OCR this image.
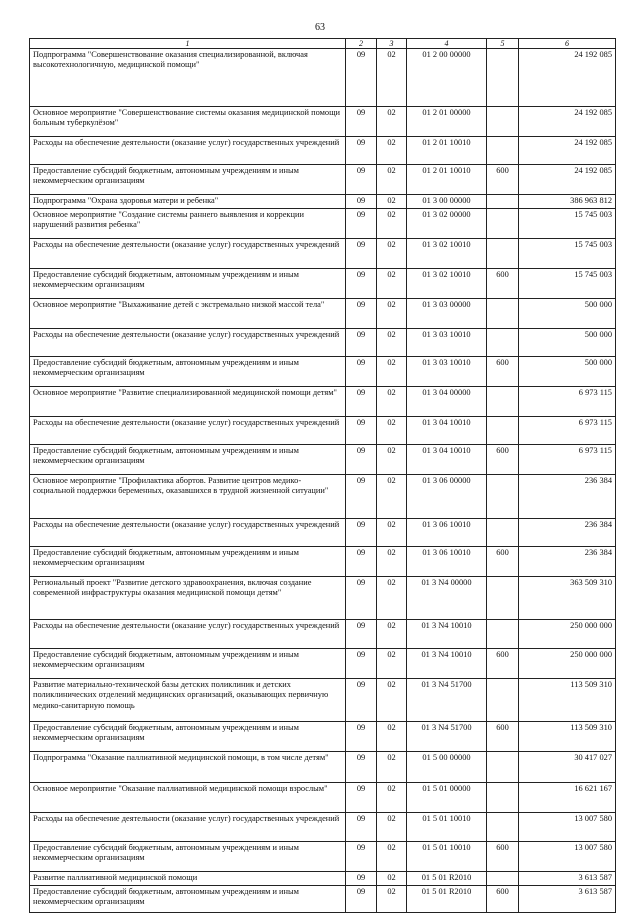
63
1	2	3	4	5	6
Подпрограмма "Совершенствование оказания специализированной, включая высокотехнологичную, медицинской помощи"	09	02	01 2 00 00000		24 192 085
Основное мероприятие "Совершенствование системы оказания медицинской помощи больным туберкулёзом"	09	02	01 2 01 00000		24 192 085
Расходы на обеспечение деятельности (оказание услуг) государственных учреждений	09	02	01 2 01 10010		24 192 085
Предоставление субсидий бюджетным, автономным учреждениям и иным некоммерческим организациям	09	02	01 2 01 10010	600	24 192 085
Подпрограмма "Охрана здоровья матери и ребенка"	09	02	01 3 00 00000		386 963 812
Основное мероприятие "Создание системы раннего выявления и коррекции нарушений развития ребенка"	09	02	01 3 02 00000		15 745 003
Расходы на обеспечение деятельности (оказание услуг) государственных учреждений	09	02	01 3 02 10010		15 745 003
Предоставление субсидий бюджетным, автономным учреждениям и иным некоммерческим организациям	09	02	01 3 02 10010	600	15 745 003
Основное мероприятие "Выхаживание детей с экстремально низкой массой тела"	09	02	01 3 03 00000		500 000
Расходы на обеспечение деятельности (оказание услуг) государственных учреждений	09	02	01 3 03 10010		500 000
Предоставление субсидий бюджетным, автономным учреждениям и иным некоммерческим организациям	09	02	01 3 03 10010	600	500 000
Основное мероприятие "Развитие специализированной медицинской помощи детям"	09	02	01 3 04 00000		6 973 115
Расходы на обеспечение деятельности (оказание услуг) государственных учреждений	09	02	01 3 04 10010		6 973 115
Предоставление субсидий бюджетным, автономным учреждениям и иным некоммерческим организациям	09	02	01 3 04 10010	600	6 973 115
Основное мероприятие "Профилактика абортов. Развитие центров медико-социальной поддержки беременных, оказавшихся в трудной жизненной ситуации"	09	02	01 3 06 00000		236 384
Расходы на обеспечение деятельности (оказание услуг) государственных учреждений	09	02	01 3 06 10010		236 384
Предоставление субсидий бюджетным, автономным учреждениям и иным некоммерческим организациям	09	02	01 3 06 10010	600	236 384
Региональный проект "Развитие детского здравоохранения, включая создание современной инфраструктуры оказания медицинской помощи детям"	09	02	01 3 N4 00000		363 509 310
Расходы на обеспечение деятельности (оказание услуг) государственных учреждений	09	02	01 3 N4 10010		250 000 000
Предоставление субсидий бюджетным, автономным учреждениям и иным некоммерческим организациям	09	02	01 3 N4 10010	600	250 000 000
Развитие материально-технической базы детских поликлиник и детских поликлинических отделений медицинских организаций, оказывающих первичную медико-санитарную помощь	09	02	01 3 N4 51700		113 509 310
Предоставление субсидий бюджетным, автономным учреждениям и иным некоммерческим организациям	09	02	01 3 N4 51700	600	113 509 310
Подпрограмма "Оказание паллиативной медицинской помощи, в том числе детям"	09	02	01 5 00 00000		30 417 027
Основное мероприятие "Оказание паллиативной медицинской помощи взрослым"	09	02	01 5 01 00000		16 621 167
Расходы на обеспечение деятельности (оказание услуг) государственных учреждений	09	02	01 5 01 10010		13 007 580
Предоставление субсидий бюджетным, автономным учреждениям и иным некоммерческим организациям	09	02	01 5 01 10010	600	13 007 580
Развитие паллиативной медицинской помощи	09	02	01 5 01 R2010		3 613 587
Предоставление субсидий бюджетным, автономным учреждениям и иным некоммерческим организациям	09	02	01 5 01 R2010	600	3 613 587
